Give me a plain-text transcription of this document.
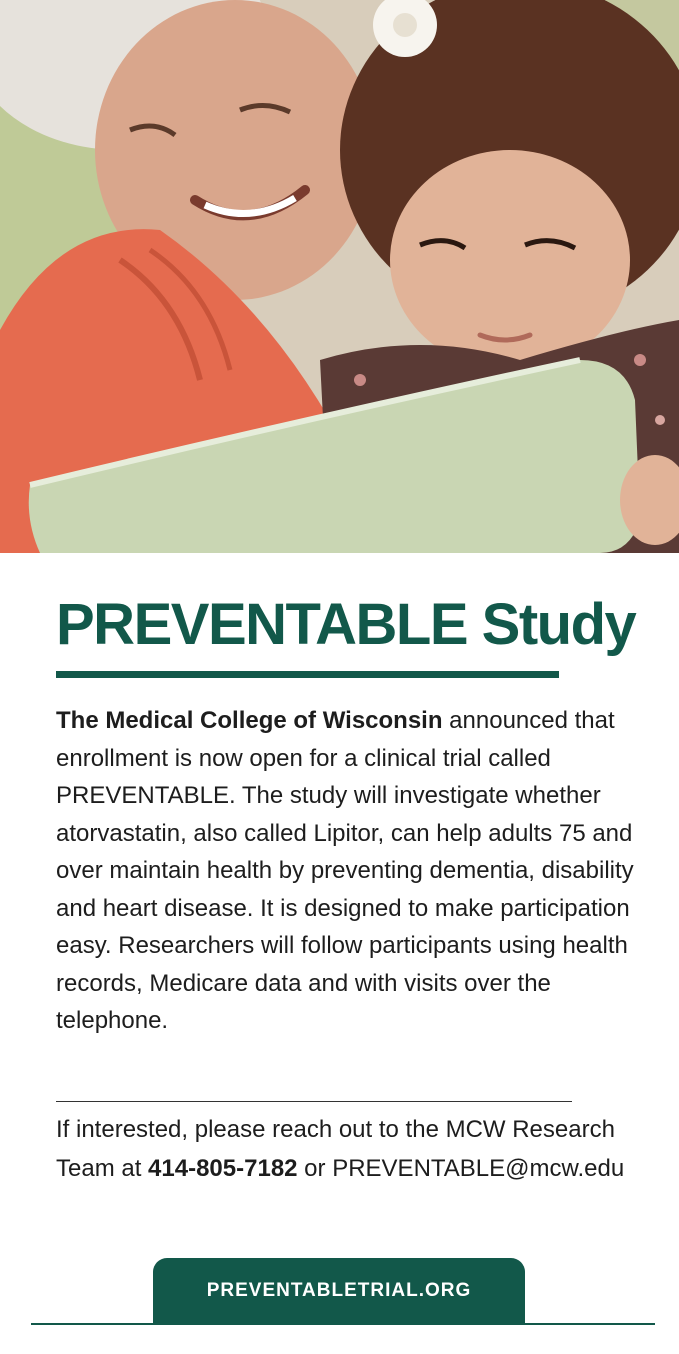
PREVENTABLE Study

The Medical College of Wisconsin announced that enrollment is now open for a clinical trial called PREVENTABLE. The study will investigate whether atorvastatin, also called Lipitor, can help adults 75 and over maintain health by preventing dementia, disability and heart disease. It is designed to make participation easy. Researchers will follow participants using health records, Medicare data and with visits over the telephone.

If interested, please reach out to the MCW Research Team at 414-805-7182 or PREVENTABLE@mcw.edu

PREVENTABLETRIAL.ORG
